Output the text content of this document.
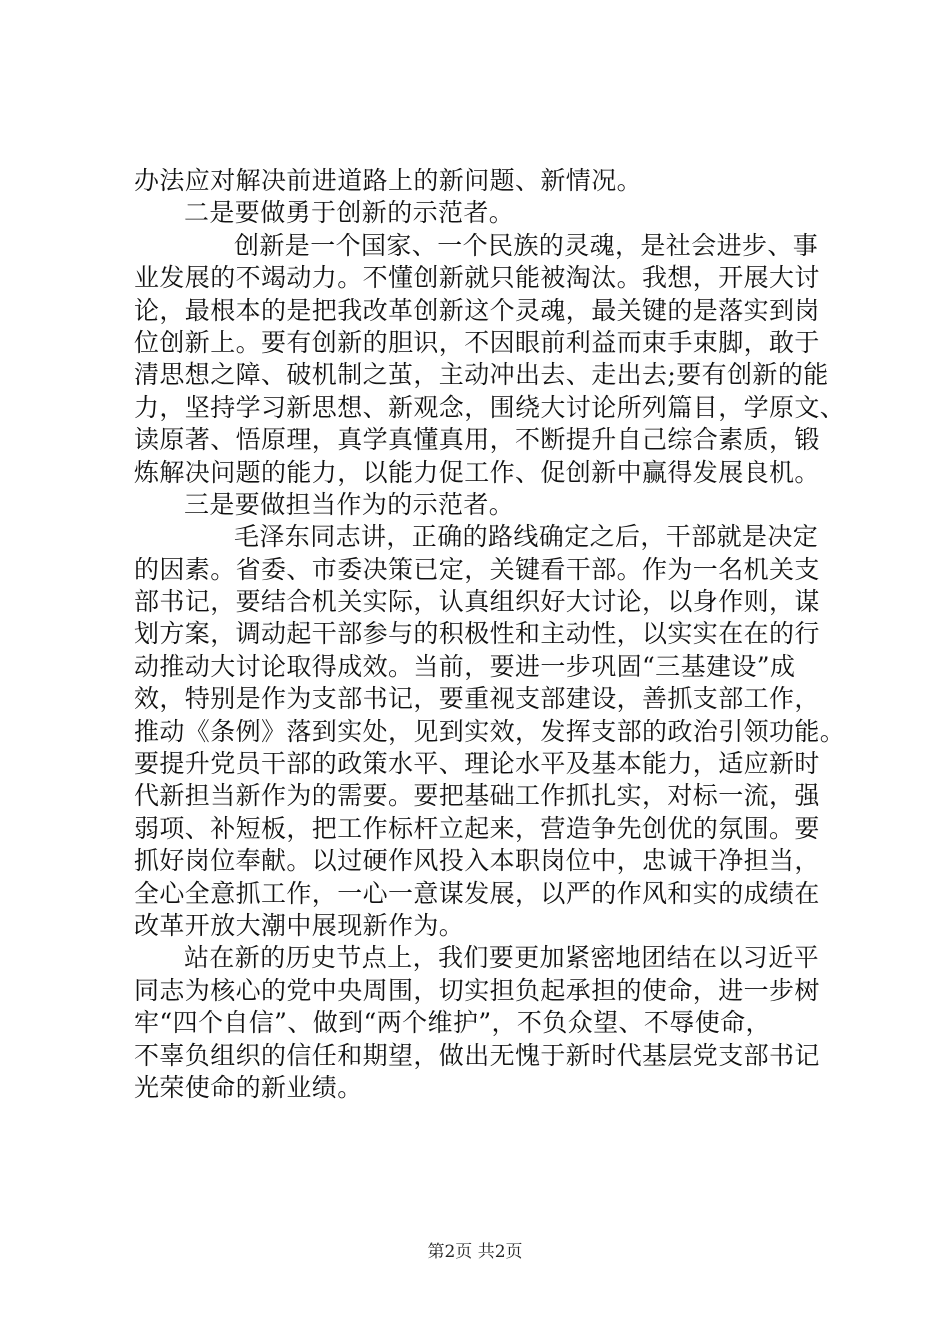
办法应对解决前进道路上的新问题、新情况。
二是要做勇于创新的示范者。
创新是一个国家、一个民族的灵魂，是社会进步、事
业发展的不竭动力。不懂创新就只能被淘汰。我想，开展大讨
论，最根本的是把我改革创新这个灵魂，最关键的是落实到岗
位创新上。要有创新的胆识，不因眼前利益而束手束脚，敢于
清思想之障、破机制之茧，主动冲出去、走出去;要有创新的能
力，坚持学习新思想、新观念，围绕大讨论所列篇目，学原文、
读原著、悟原理，真学真懂真用，不断提升自己综合素质，锻
炼解决问题的能力，以能力促工作、促创新中赢得发展良机。
三是要做担当作为的示范者。
毛泽东同志讲，正确的路线确定之后，干部就是决定
的因素。省委、市委决策已定，关键看干部。作为一名机关支
部书记，要结合机关实际，认真组织好大讨论，以身作则，谋
划方案，调动起干部参与的积极性和主动性，以实实在在的行
动推动大讨论取得成效。当前，要进一步巩固“三基建设”成
效，特别是作为支部书记，要重视支部建设，善抓支部工作，
推动《条例》落到实处，见到实效，发挥支部的政治引领功能。
要提升党员干部的政策水平、理论水平及基本能力，适应新时
代新担当新作为的需要。要把基础工作抓扎实，对标一流，强
弱项、补短板，把工作标杆立起来，营造争先创优的氛围。要
抓好岗位奉献。以过硬作风投入本职岗位中，忠诚干净担当，
全心全意抓工作，一心一意谋发展，以严的作风和实的成绩在
改革开放大潮中展现新作为。
站在新的历史节点上，我们要更加紧密地团结在以习近平
同志为核心的党中央周围，切实担负起承担的使命，进一步树
牢“四个自信”、做到“两个维护”，不负众望、不辱使命，
不辜负组织的信任和期望，做出无愧于新时代基层党支部书记
光荣使命的新业绩。
第2页 共2页
